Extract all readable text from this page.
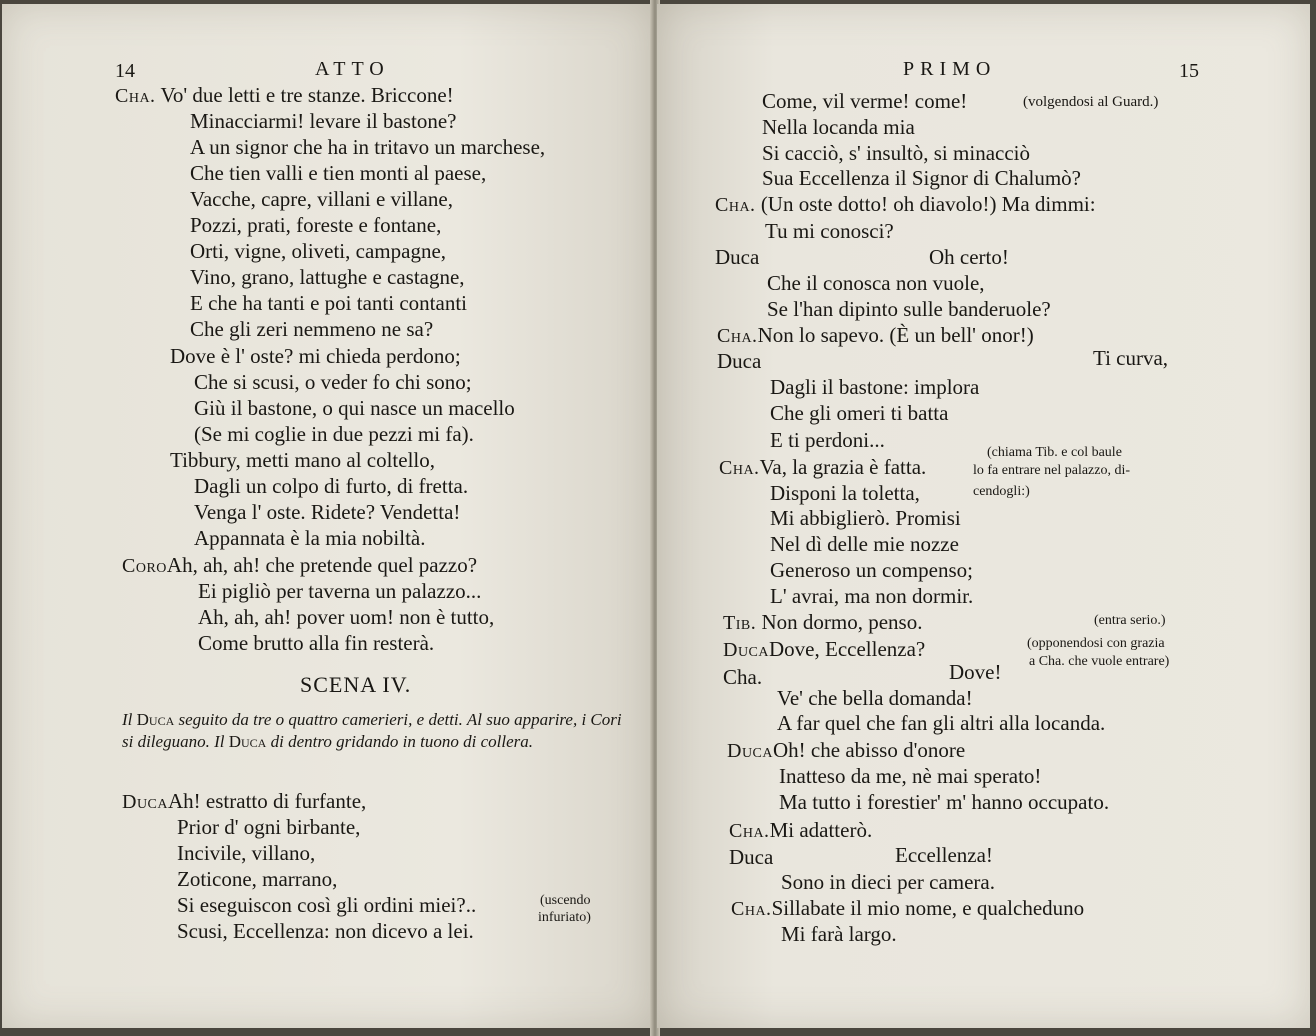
14	ATTO
Cha. Vo' due letti e tre stanze. Briccone!
Minacciarmi! levare il bastone?
A un signor che ha in tritavo un marchese,
Che tien valli e tien monti al paese,
Vacche, capre, villani e villane,
Pozzi, prati, foreste e fontane,
Orti, vigne, oliveti, campagne,
Vino, grano, lattughe e castagne,
E che ha tanti e poi tanti contanti
Che gli zeri nemmeno ne sa?
Dove è l' oste? mi chieda perdono;
Che si scusi, o veder fo chi sono;
Giù il bastone, o qui nasce un macello
(Se mi coglie in due pezzi mi fa).
Tibbury, metti mano al coltello,
Dagli un colpo di furto, di fretta.
Venga l' oste. Ridete? Vendetta!
Appannata è la mia nobiltà.
CoroAh, ah, ah! che pretende quel pazzo?
Ei pigliò per taverna un palazzo...
Ah, ah, ah! pover uom! non è tutto,
Come brutto alla fin resterà.
SCENA IV.
Il Duca seguito da tre o quattro camerieri, e detti. Al suo apparire, i Cori si dileguano. Il Duca di dentro gridando in tuono di collera.
DucaAh! estratto di furfante,
Prior d' ogni birbante,
Incivile, villano,
Zoticone, marrano,
Si eseguiscon così gli ordini miei?..
Scusi, Eccellenza: non dicevo a lei.
(uscendo
infuriato)
PRIMO	15
Come, vil verme! come!	(volgendosi al Guard.)
Nella locanda mia
Si cacciò, s' insultò, si minacciò
Sua Eccellenza il Signor di Chalumò?
Cha. (Un oste dotto! oh diavolo!) Ma dimmi:
Tu mi conosci?
Duca	Oh certo!
Che il conosca non vuole,
Se l'han dipinto sulle banderuole?
Cha.Non lo sapevo. (È un bell' onor!)
Duca	Ti curva,
Dagli il bastone: implora
Che gli omeri ti batta
E ti perdoni...
Cha.Va, la grazia è fatta.
(chiama Tib. e col baule
lo fa entrare nel palazzo, di-
cendogli:)
Disponi la toletta,
Mi abbiglierò. Promisi
Nel dì delle mie nozze
Generoso un compenso;
L' avrai, ma non dormir.
Tib. Non dormo, penso.	(entra serio.)
DucaDove, Eccellenza?	(opponendosi con grazia
a Cha. che vuole entrare)
Cha.	Dove!
Ve' che bella domanda!
A far quel che fan gli altri alla locanda.
DucaOh! che abisso d'onore
Inatteso da me, nè mai sperato!
Ma tutto i forestier' m' hanno occupato.
Cha.Mi adatterò.
Duca	Eccellenza!
Sono in dieci per camera.
Cha.Sillabate il mio nome, e qualcheduno
Mi farà largo.
